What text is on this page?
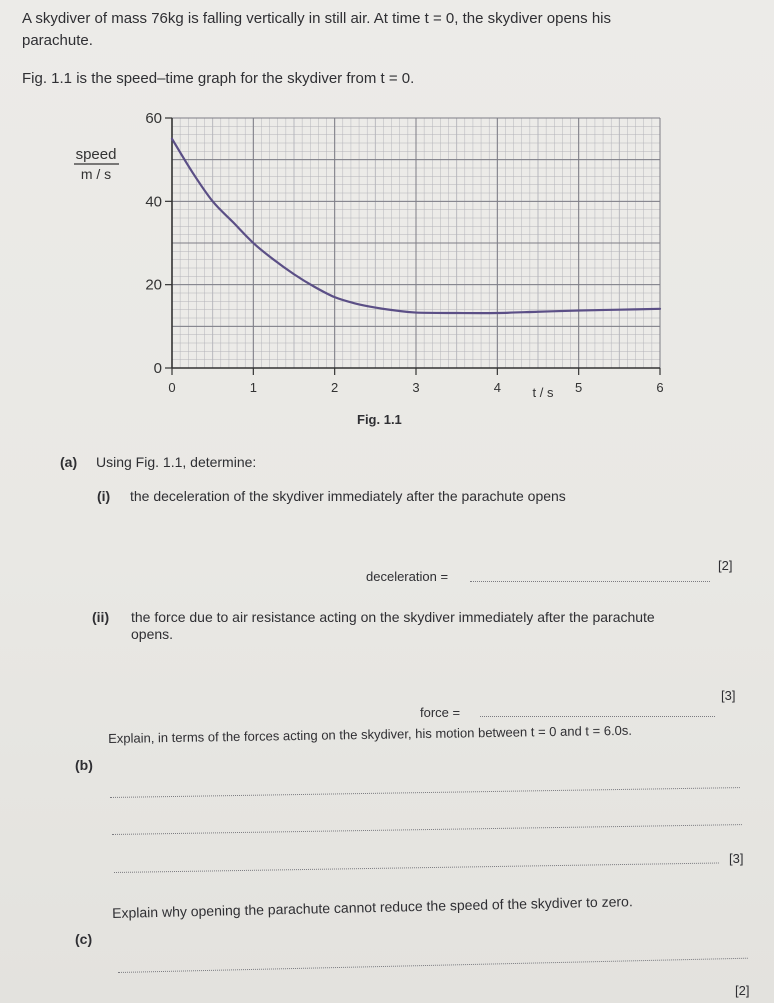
A skydiver of mass 76kg is falling vertically in still air. At time t = 0, the skydiver opens his
parachute.
Fig. 1.1 is the speed–time graph for the skydiver from t = 0.
0
20
40
60
0	1	2	3	4	5	6
speed
m / s
t / s
Fig. 1.1
(a) Using Fig. 1.1, determine:
(i) the deceleration of the skydiver immediately after the parachute opens
deceleration =
[2]
(ii) the force due to air resistance acting on the skydiver immediately after the parachute
opens.
force =
[3]
(b)
Explain, in terms of the forces acting on the skydiver, his motion between t = 0 and t = 6.0s.
[3]
(c)
Explain why opening the parachute cannot reduce the speed of the skydiver to zero.
[2]
